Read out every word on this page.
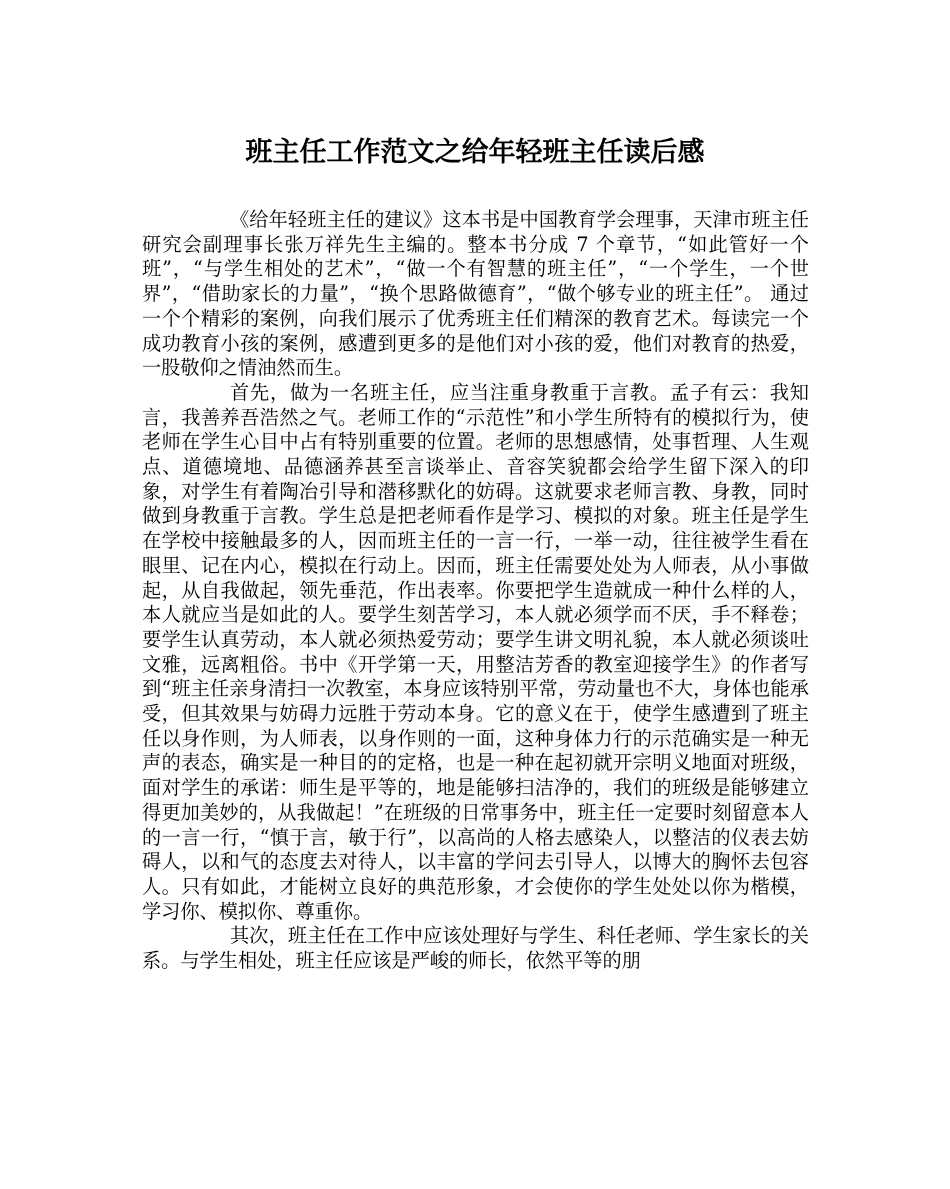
班主任工作范文之给年轻班主任读后感

《给年轻班主任的建议》这本书是中国教育学会理事，天津市班主任研究会副理事长张万祥先生主编的。整本书分成 7 个章节，“如此管好一个班”，“与学生相处的艺术”，“做一个有智慧的班主任”，“一个学生，一个世界”，“借助家长的力量”，“换个思路做德育”，“做个够专业的班主任”。 通过一个个精彩的案例，向我们展示了优秀班主任们精深的教育艺术。每读完一个成功教育小孩的案例，感遭到更多的是他们对小孩的爱，他们对教育的热爱，一股敬仰之情油然而生。

首先，做为一名班主任，应当注重身教重于言教。孟子有云：我知言，我善养吾浩然之气。老师工作的“示范性”和小学生所特有的模拟行为，使老师在学生心目中占有特别重要的位置。老师的思想感情，处事哲理、人生观点、道德境地、品德涵养甚至言谈举止、音容笑貌都会给学生留下深入的印象，对学生有着陶冶引导和潜移默化的妨碍。这就要求老师言教、身教，同时做到身教重于言教。学生总是把老师看作是学习、模拟的对象。班主任是学生在学校中接触最多的人，因而班主任的一言一行，一举一动，往往被学生看在眼里、记在内心，模拟在行动上。因而，班主任需要处处为人师表，从小事做起，从自我做起，领先垂范，作出表率。你要把学生造就成一种什么样的人，本人就应当是如此的人。要学生刻苦学习，本人就必须学而不厌，手不释卷；要学生认真劳动，本人就必须热爱劳动；要学生讲文明礼貌，本人就必须谈吐文雅，远离粗俗。书中《开学第一天，用整洁芳香的教室迎接学生》的作者写到“班主任亲身清扫一次教室，本身应该特别平常，劳动量也不大，身体也能承受，但其效果与妨碍力远胜于劳动本身。它的意义在于，使学生感遭到了班主任以身作则，为人师表，以身作则的一面，这种身体力行的示范确实是一种无声的表态，确实是一种目的的定格，也是一种在起初就开宗明义地面对班级，面对学生的承诺：师生是平等的，地是能够扫洁净的，我们的班级是能够建立得更加美妙的，从我做起！”在班级的日常事务中，班主任一定要时刻留意本人的一言一行，“慎于言，敏于行”，以高尚的人格去感染人，以整洁的仪表去妨碍人，以和气的态度去对待人，以丰富的学问去引导人，以博大的胸怀去包容人。只有如此，才能树立良好的典范形象，才会使你的学生处处以你为楷模，学习你、模拟你、尊重你。

其次，班主任在工作中应该处理好与学生、科任老师、学生家长的关系。与学生相处，班主任应该是严峻的师长，依然平等的朋
